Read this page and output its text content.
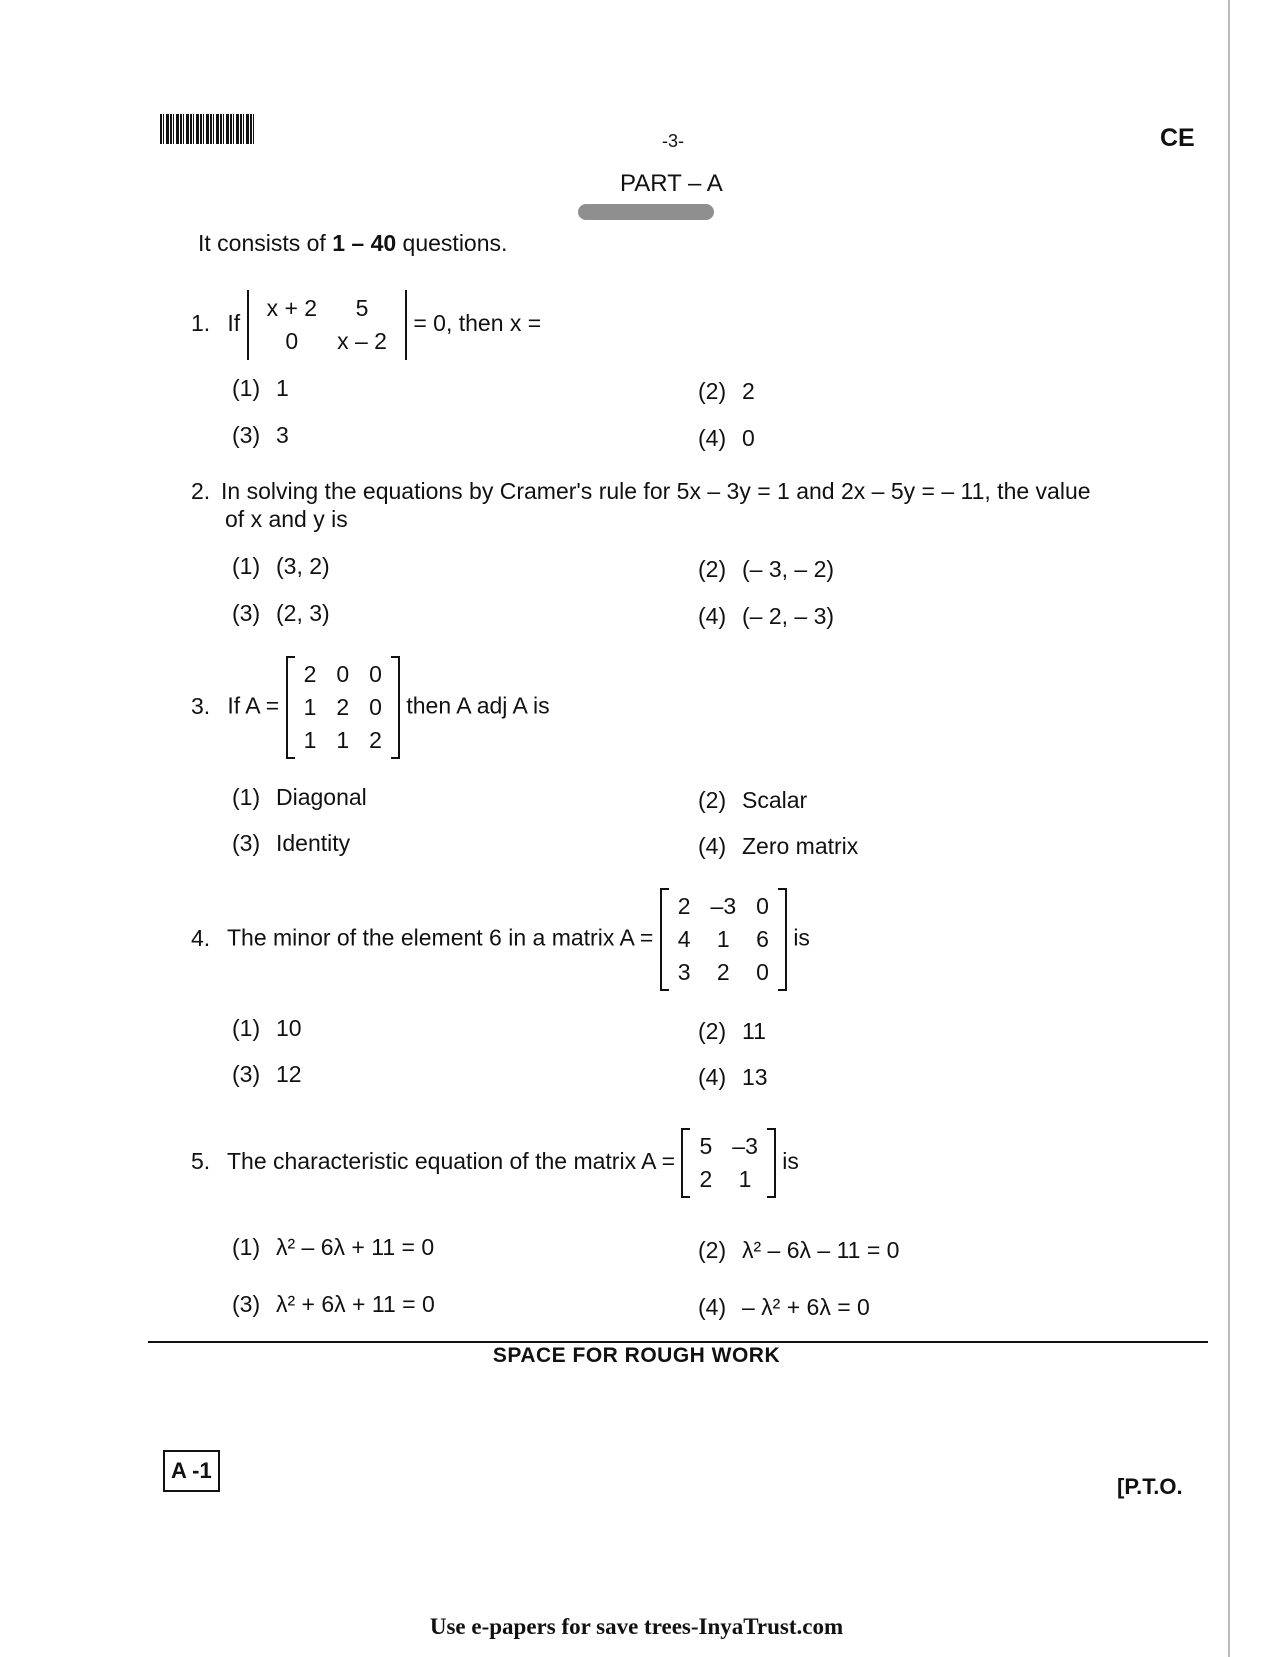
-3-	CE
PART – A
It consists of 1 – 40 questions.
1. If
x + 2	5
0	x – 2
= 0, then x =
(1) 1	(2) 2
(3) 3	(4) 0
2. In solving the equations by Cramer's rule for 5x – 3y = 1 and 2x – 5y = – 11, the value
of x and y is
(1) (3, 2)	(2) (– 3, – 2)
(3) (2, 3)	(4) (– 2, – 3)
3. If A =
2	0	0
1	2	0
1	1	2
then A adj A is
(1) Diagonal	(2) Scalar
(3) Identity	(4) Zero matrix
4. The minor of the element 6 in a matrix A =
2	–3	0
4	1	6
3	2	0
is
(1) 10	(2) 11
(3) 12	(4) 13
5. The characteristic equation of the matrix A =
5	–3
2	1
is
(1) λ² – 6λ + 11 = 0	(2) λ² – 6λ – 11 = 0
(3) λ² + 6λ + 11 = 0	(4) – λ² + 6λ = 0
SPACE FOR ROUGH WORK
A -1
[P.T.O.
Use e-papers for save trees-InyaTrust.com
